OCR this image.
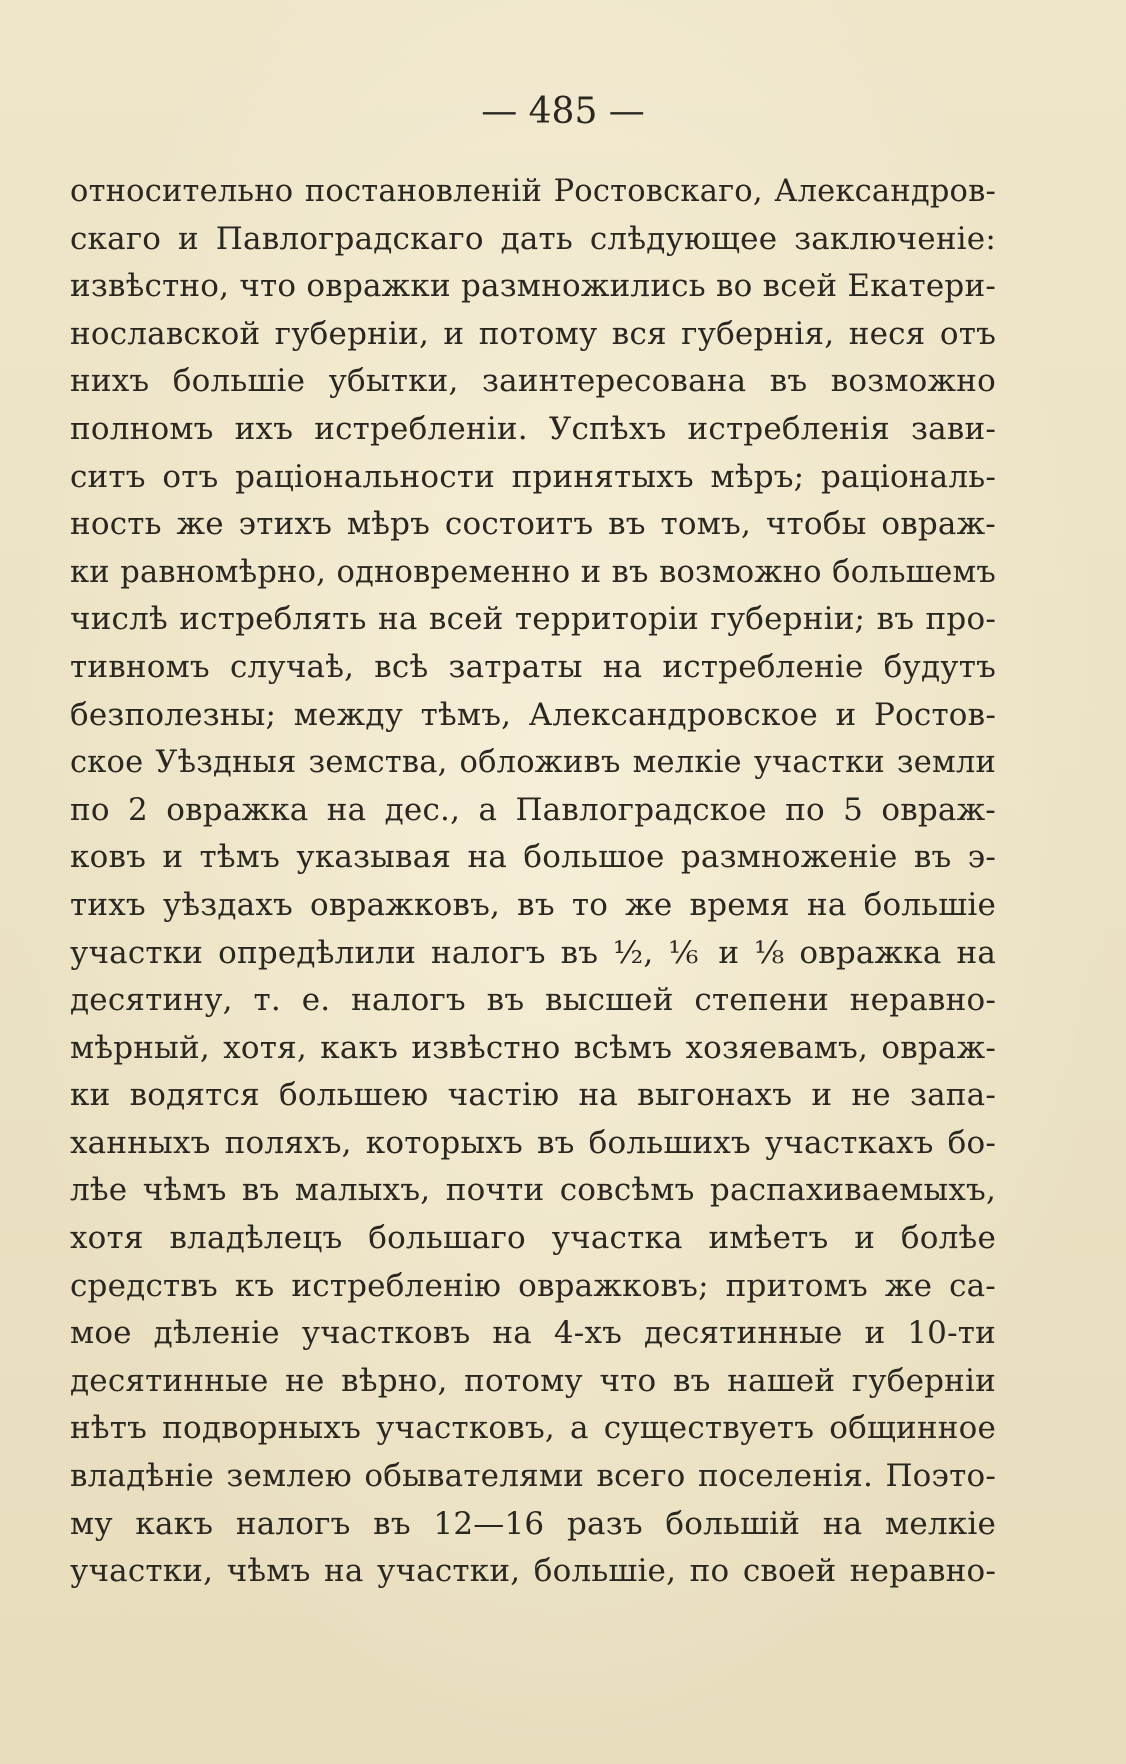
— 485 —
относительно постановленій Ростовскаго, Александров-
скаго и Павлоградскаго дать слѣдующее заключеніе:
извѣстно, что овражки размножились во всей Екатери-
нославской губерніи, и потому вся губернія, неся отъ
нихъ большіе убытки, заинтересована въ возможно
полномъ ихъ истребленіи. Успѣхъ истребленія зави-
ситъ отъ раціональности принятыхъ мѣръ; раціональ-
ность же этихъ мѣръ состоитъ въ томъ, чтобы овраж-
ки равномѣрно, одновременно и въ возможно большемъ
числѣ истреблять на всей территоріи губерніи; въ про-
тивномъ случаѣ, всѣ затраты на истребленіе будутъ
безполезны; между тѣмъ, Александровское и Ростов-
ское Уѣздныя земства, обложивъ мелкіе участки земли
по 2 овражка на дес., а Павлоградское по 5 овраж-
ковъ и тѣмъ указывая на большое размноженіе въ э-
тихъ уѣздахъ овражковъ, въ то же время на большіе
участки опредѣлили налогъ въ ½, ⅙ и ⅛ овражка на
десятину, т. е. налогъ въ высшей степени неравно-
мѣрный, хотя, какъ извѣстно всѣмъ хозяевамъ, овраж-
ки водятся большею частію на выгонахъ и не запа-
ханныхъ поляхъ, которыхъ въ большихъ участкахъ бо-
лѣе чѣмъ въ малыхъ, почти совсѣмъ распахиваемыхъ,
хотя владѣлецъ большаго участка имѣетъ и болѣе
средствъ къ истребленію овражковъ; притомъ же са-
мое дѣленіе участковъ на 4-хъ десятинные и 10-ти
десятинные не вѣрно, потому что въ нашей губерніи
нѣтъ подворныхъ участковъ, а существуетъ общинное
владѣніе землею обывателями всего поселенія. Поэто-
му какъ налогъ въ 12—16 разъ большій на мелкіе
участки, чѣмъ на участки, большіе, по своей неравно-
